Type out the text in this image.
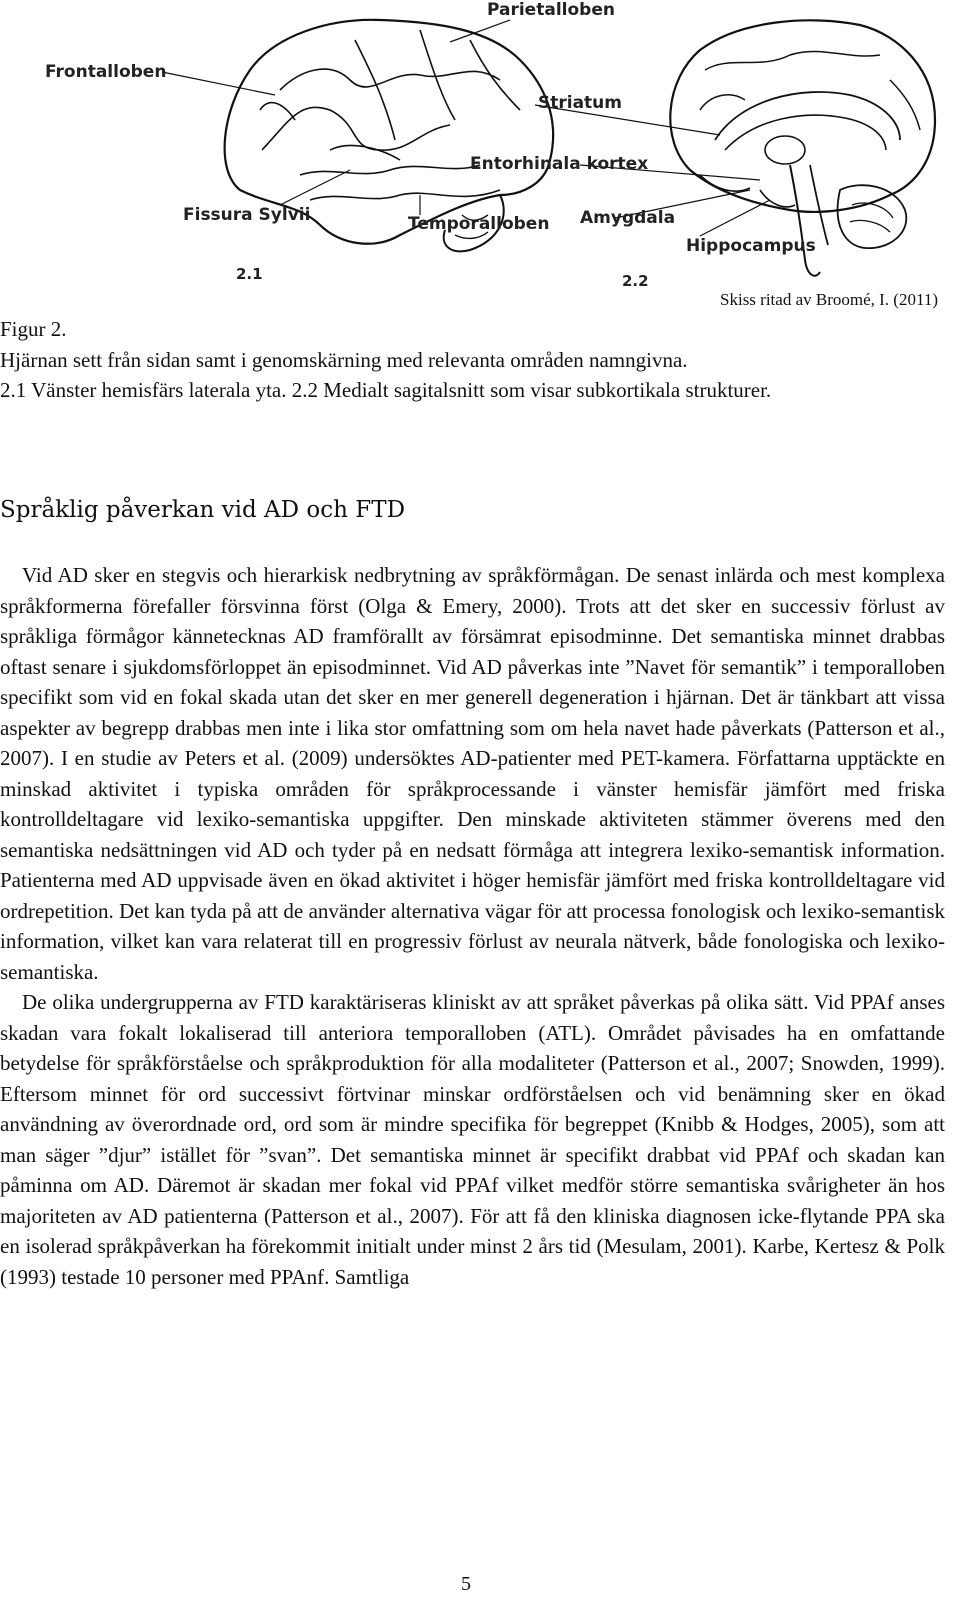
Parietalloben
Frontalloben
Striatum
Entorhinala kortex
Fissura Sylvii	Temporalloben Amygdala
Hippocampus
2.1	2.2
Skiss ritad av Broomé, I. (2011)

Figur 2.

Hjärnan sett från sidan samt i genomskärning med relevanta områden namngivna.

2.1 Vänster hemisfärs laterala yta. 2.2 Medialt sagitalsnitt som visar subkortikala strukturer.

Språklig påverkan vid AD och FTD

Vid AD sker en stegvis och hierarkisk nedbrytning av språkförmågan. De senast inlärda och mest komplexa språkformerna förefaller försvinna först (Olga & Emery, 2000). Trots att det sker en successiv förlust av språkliga förmågor kännetecknas AD framförallt av försämrat episodminne. Det semantiska minnet drabbas oftast senare i sjukdomsförloppet än episodminnet. Vid AD påverkas inte ”Navet för semantik” i temporalloben specifikt som vid en fokal skada utan det sker en mer generell degeneration i hjärnan. Det är tänkbart att vissa aspekter av begrepp drabbas men inte i lika stor omfattning som om hela navet hade påverkats (Patterson et al., 2007). I en studie av Peters et al. (2009) undersöktes AD-patienter med PET-kamera. Författarna upptäckte en minskad aktivitet i typiska områden för språkprocessande i vänster hemisfär jämfört med friska kontrolldeltagare vid lexiko-semantiska uppgifter. Den minskade aktiviteten stämmer överens med den semantiska nedsättningen vid AD och tyder på en nedsatt förmåga att integrera lexiko-semantisk information. Patienterna med AD uppvisade även en ökad aktivitet i höger hemisfär jämfört med friska kontrolldeltagare vid ordrepetition. Det kan tyda på att de använder alternativa vägar för att processa fonologisk och lexiko-semantisk information, vilket kan vara relaterat till en progressiv förlust av neurala nätverk, både fonologiska och lexiko-semantiska.

De olika undergrupperna av FTD karaktäriseras kliniskt av att språket påverkas på olika sätt. Vid PPAf anses skadan vara fokalt lokaliserad till anteriora temporalloben (ATL). Området påvisades ha en omfattande betydelse för språkförståelse och språkproduktion för alla modaliteter (Patterson et al., 2007; Snowden, 1999). Eftersom minnet för ord successivt förtvinar minskar ordförståelsen och vid benämning sker en ökad användning av överordnade ord, ord som är mindre specifika för begreppet (Knibb & Hodges, 2005), som att man säger ”djur” istället för ”svan”. Det semantiska minnet är specifikt drabbat vid PPAf och skadan kan påminna om AD. Däremot är skadan mer fokal vid PPAf vilket medför större semantiska svårigheter än hos majoriteten av AD patienterna (Patterson et al., 2007). För att få den kliniska diagnosen icke-flytande PPA ska en isolerad språkpåverkan ha förekommit initialt under minst 2 års tid (Mesulam, 2001). Karbe, Kertesz & Polk (1993) testade 10 personer med PPAnf. Samtliga

5
